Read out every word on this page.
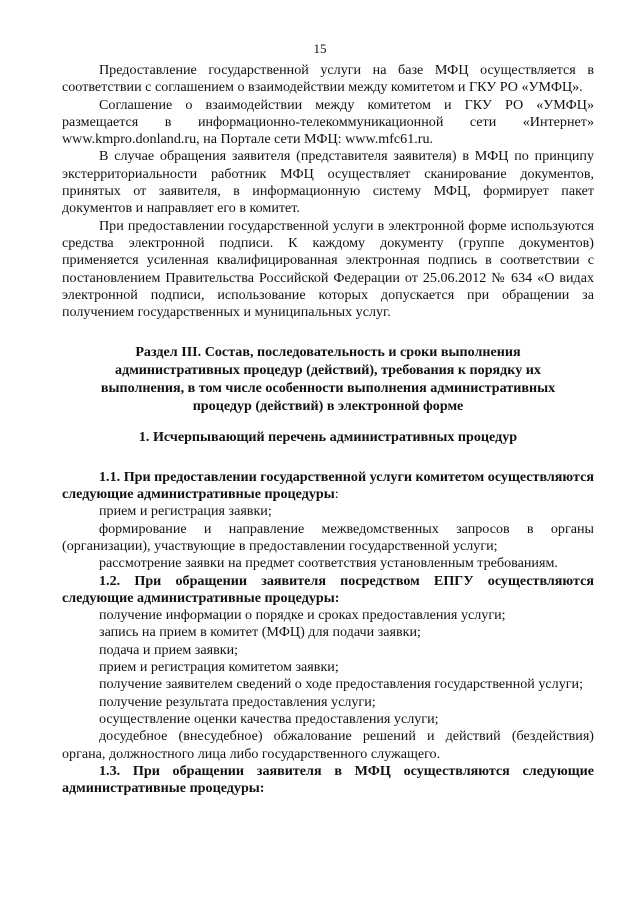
15

Предоставление государственной услуги на базе МФЦ осуществляется в соответствии с соглашением о взаимодействии между комитетом и ГКУ РО «УМФЦ».

Соглашение о взаимодействии между комитетом и ГКУ РО «УМФЦ» размещается в информационно-телекоммуникационной сети «Интернет» www.kmpro.donland.ru, на Портале сети МФЦ: www.mfc61.ru.

В случае обращения заявителя (представителя заявителя) в МФЦ по принципу экстерриториальности работник МФЦ осуществляет сканирование документов, принятых от заявителя, в информационную систему МФЦ, формирует пакет документов и направляет его в комитет.

При предоставлении государственной услуги в электронной форме используются средства электронной подписи. К каждому документу (группе документов) применяется усиленная квалифицированная электронная подпись в соответствии с постановлением Правительства Российской Федерации от 25.06.2012 № 634 «О видах электронной подписи, использование которых допускается при обращении за получением государственных и муниципальных услуг.

Раздел III. Состав, последовательность и сроки выполнения административных процедур (действий), требования к порядку их выполнения, в том числе особенности выполнения административных процедур (действий) в электронной форме

1. Исчерпывающий перечень административных процедур

1.1. При предоставлении государственной услуги комитетом осуществляются следующие административные процедуры:

прием и регистрация заявки;

формирование и направление межведомственных запросов в органы (организации), участвующие в предоставлении государственной услуги;

рассмотрение заявки на предмет соответствия установленным требованиям.

1.2. При обращении заявителя посредством ЕПГУ осуществляются следующие административные процедуры:

получение информации о порядке и сроках предоставления услуги;

запись на прием в комитет (МФЦ) для подачи заявки;

подача и прием заявки;

прием и регистрация комитетом заявки;

получение заявителем сведений о ходе предоставления государственной услуги;

получение результата предоставления услуги;

осуществление оценки качества предоставления услуги;

досудебное (внесудебное) обжалование решений и действий (бездействия) органа, должностного лица либо государственного служащего.

1.3. При обращении заявителя в МФЦ осуществляются следующие административные процедуры:
